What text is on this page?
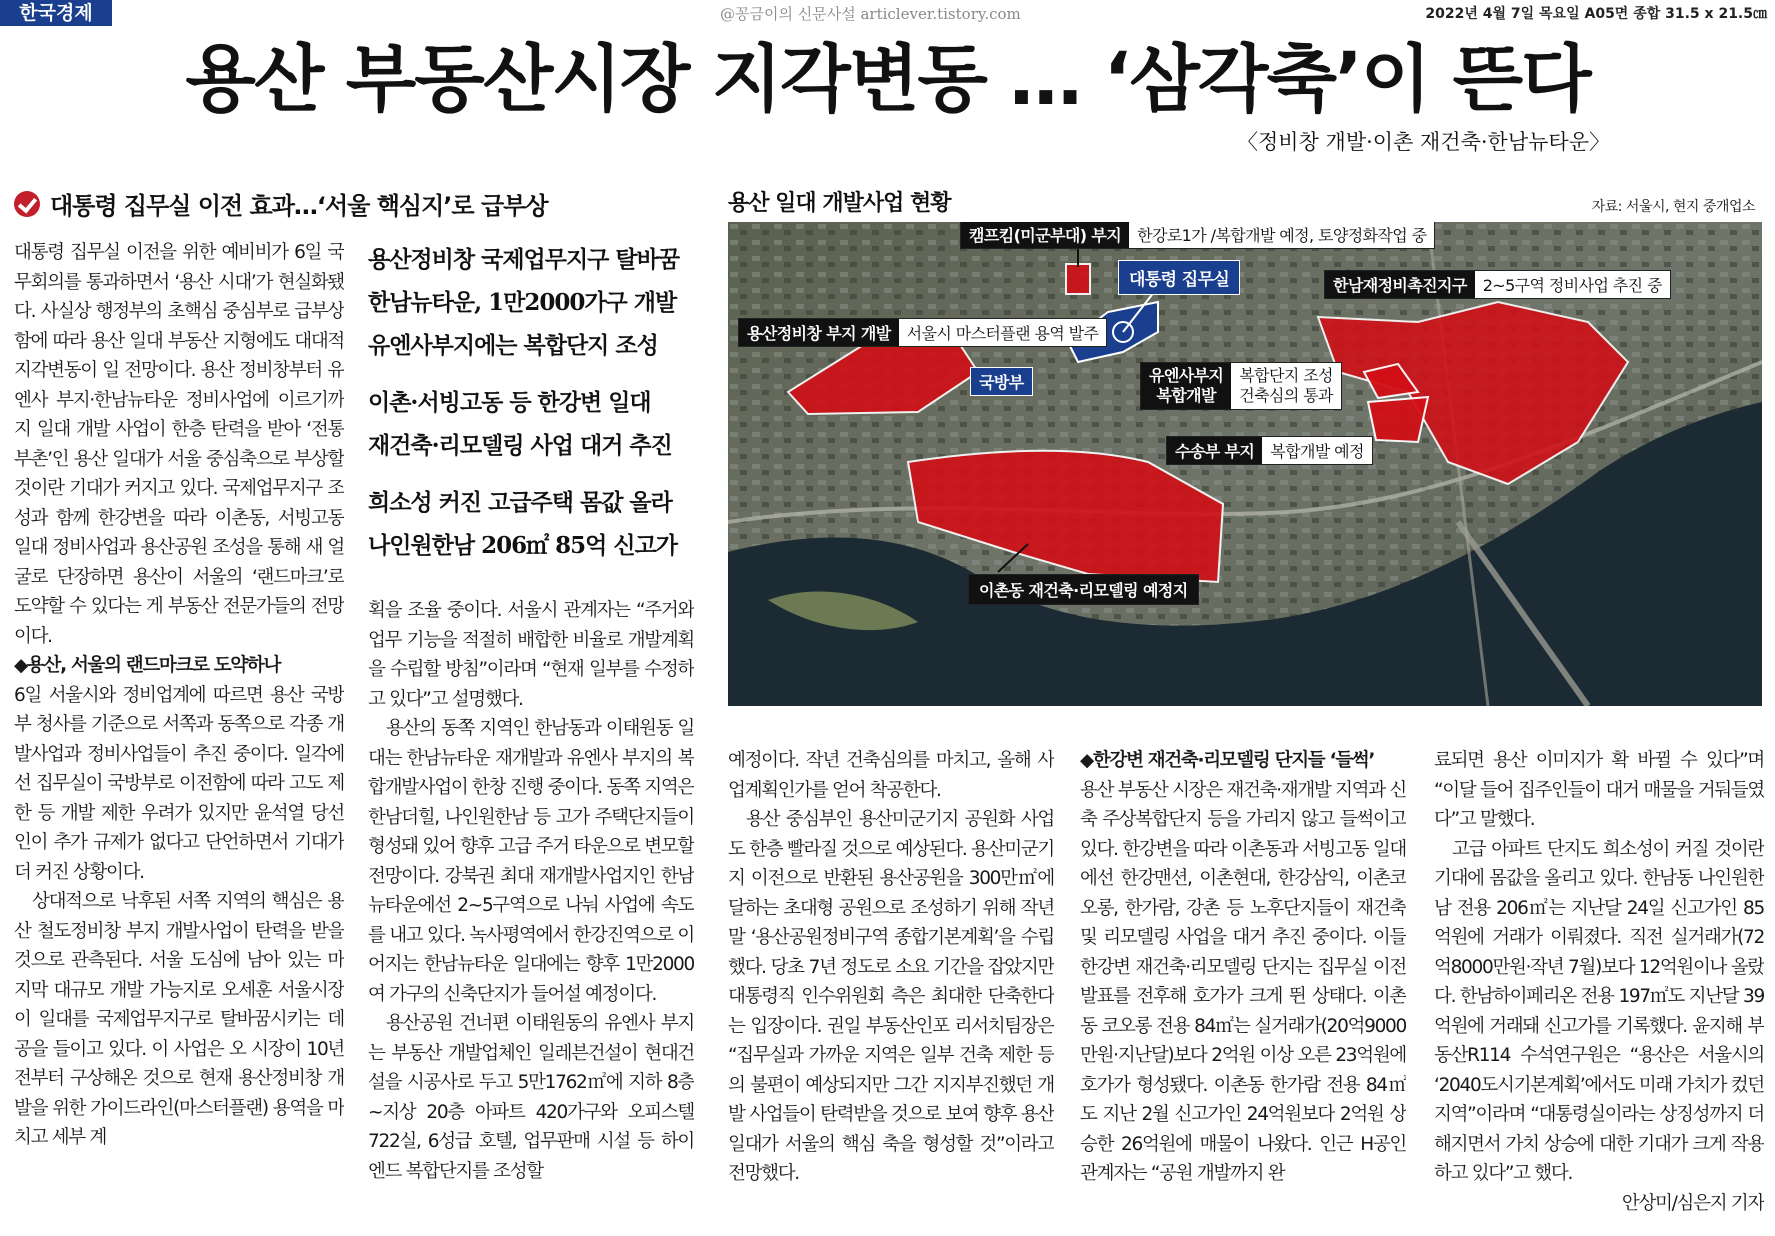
한국경제	@꽁금이의 신문사설 articlever.tistory.com	2022년 4월 7일 목요일 A05면 종합 31.5 x 21.5㎝
용산 부동산시장 지각변동 … ‘삼각축’이 뜬다
〈정비창 개발·이촌 재건축·한남뉴타운〉
대통령 집무실 이전 효과…‘서울 핵심지’로 급부상

대통령 집무실 이전을 위한 예비비가 6일 국무회의를 통과하면서 ‘용산 시대’가 현실화됐다. 사실상 행정부의 초핵심 중심부로 급부상함에 따라 용산 일대 부동산 지형에도 대대적 지각변동이 일 전망이다. 용산 정비창부터 유엔사 부지·한남뉴타운 정비사업에 이르기까지 일대 개발 사업이 한층 탄력을 받아 ‘전통 부촌’인 용산 일대가 서울 중심축으로 부상할 것이란 기대가 커지고 있다. 국제업무지구 조성과 함께 한강변을 따라 이촌동, 서빙고동 일대 정비사업과 용산공원 조성을 통해 새 얼굴로 단장하면 용산이 서울의 ‘랜드마크’로 도약할 수 있다는 게 부동산 전문가들의 전망이다.

◆용산, 서울의 랜드마크로 도약하나

6일 서울시와 정비업계에 따르면 용산 국방부 청사를 기준으로 서쪽과 동쪽으로 각종 개발사업과 정비사업들이 추진 중이다. 일각에선 집무실이 국방부로 이전함에 따라 고도 제한 등 개발 제한 우려가 있지만 윤석열 당선인이 추가 규제가 없다고 단언하면서 기대가 더 커진 상황이다.

상대적으로 낙후된 서쪽 지역의 핵심은 용산 철도정비창 부지 개발사업이 탄력을 받을 것으로 관측된다. 서울 도심에 남아 있는 마지막 대규모 개발 가능지로 오세훈 서울시장이 일대를 국제업무지구로 탈바꿈시키는 데 공을 들이고 있다. 이 사업은 오 시장이 10년 전부터 구상해온 것으로 현재 용산정비창 개발을 위한 가이드라인(마스터플랜) 용역을 마치고 세부 계

용산정비창 국제업무지구 탈바꿈
한남뉴타운, 1만2000가구 개발
유엔사부지에는 복합단지 조성
이촌·서빙고동 등 한강변 일대
재건축·리모델링 사업 대거 추진
희소성 커진 고급주택 몸값 올라
나인원한남 206㎡ 85억 신고가

획을 조율 중이다. 서울시 관계자는 “주거와 업무 기능을 적절히 배합한 비율로 개발계획을 수립할 방침”이라며 “현재 일부를 수정하고 있다”고 설명했다.

용산의 동쪽 지역인 한남동과 이태원동 일대는 한남뉴타운 재개발과 유엔사 부지의 복합개발사업이 한창 진행 중이다. 동쪽 지역은 한남더힐, 나인원한남 등 고가 주택단지들이 형성돼 있어 향후 고급 주거 타운으로 변모할 전망이다. 강북권 최대 재개발사업지인 한남뉴타운에선 2~5구역으로 나눠 사업에 속도를 내고 있다. 녹사평역에서 한강진역으로 이어지는 한남뉴타운 일대에는 향후 1만2000여 가구의 신축단지가 들어설 예정이다.

용산공원 건너편 이태원동의 유엔사 부지는 부동산 개발업체인 일레븐건설이 현대건설을 시공사로 두고 5만1762㎡에 지하 8층~지상 20층 아파트 420가구와 오피스텔 722실, 6성급 호텔, 업무판매 시설 등 하이엔드 복합단지를 조성할

용산 일대 개발사업 현황	자료: 서울시, 현지 중개업소
캠프킴(미군부대) 부지	한강로1가 /복합개발 예정, 토양정화작업 중
대통령 집무실	한남재정비촉진지구	2~5구역 정비사업 추진 중
용산정비창 부지 개발	서울시 마스터플랜 용역 발주
국방부	유엔사부지
복합개발
복합단지 조성
건축심의 통과
수송부 부지	복합개발 예정
이촌동 재건축·리모델링 예정지

예정이다. 작년 건축심의를 마치고, 올해 사업계획인가를 얻어 착공한다.

용산 중심부인 용산미군기지 공원화 사업도 한층 빨라질 것으로 예상된다. 용산미군기지 이전으로 반환된 용산공원을 300만㎡에 달하는 초대형 공원으로 조성하기 위해 작년 말 ‘용산공원정비구역 종합기본계획’을 수립했다. 당초 7년 정도로 소요 기간을 잡았지만 대통령직 인수위원회 측은 최대한 단축한다는 입장이다. 권일 부동산인포 리서치팀장은 “집무실과 가까운 지역은 일부 건축 제한 등의 불편이 예상되지만 그간 지지부진했던 개발 사업들이 탄력받을 것으로 보여 향후 용산 일대가 서울의 핵심 축을 형성할 것”이라고 전망했다.

◆한강변 재건축·리모델링 단지들 ‘들썩’

용산 부동산 시장은 재건축·재개발 지역과 신축 주상복합단지 등을 가리지 않고 들썩이고 있다. 한강변을 따라 이촌동과 서빙고동 일대에선 한강맨션, 이촌현대, 한강삼익, 이촌코오롱, 한가람, 강촌 등 노후단지들이 재건축 및 리모델링 사업을 대거 추진 중이다. 이들 한강변 재건축·리모델링 단지는 집무실 이전 발표를 전후해 호가가 크게 뛴 상태다. 이촌동 코오롱 전용 84㎡는 실거래가(20억9000만원·지난달)보다 2억원 이상 오른 23억원에 호가가 형성됐다. 이촌동 한가람 전용 84㎡도 지난 2월 신고가인 24억원보다 2억원 상승한 26억원에 매물이 나왔다. 인근 H공인 관계자는 “공원 개발까지 완

료되면 용산 이미지가 확 바뀔 수 있다”며 “이달 들어 집주인들이 대거 매물을 거둬들였다”고 말했다.

고급 아파트 단지도 희소성이 커질 것이란 기대에 몸값을 올리고 있다. 한남동 나인원한남 전용 206㎡는 지난달 24일 신고가인 85억원에 거래가 이뤄졌다. 직전 실거래가(72억8000만원·작년 7월)보다 12억원이나 올랐다. 한남하이페리온 전용 197㎡도 지난달 39억원에 거래돼 신고가를 기록했다. 윤지해 부동산R114 수석연구원은 “용산은 서울시의 ‘2040도시기본계획’에서도 미래 가치가 컸던 지역”이라며 “대통령실이라는 상징성까지 더해지면서 가치 상승에 대한 기대가 크게 작용하고 있다”고 했다.

안상미/심은지 기자
